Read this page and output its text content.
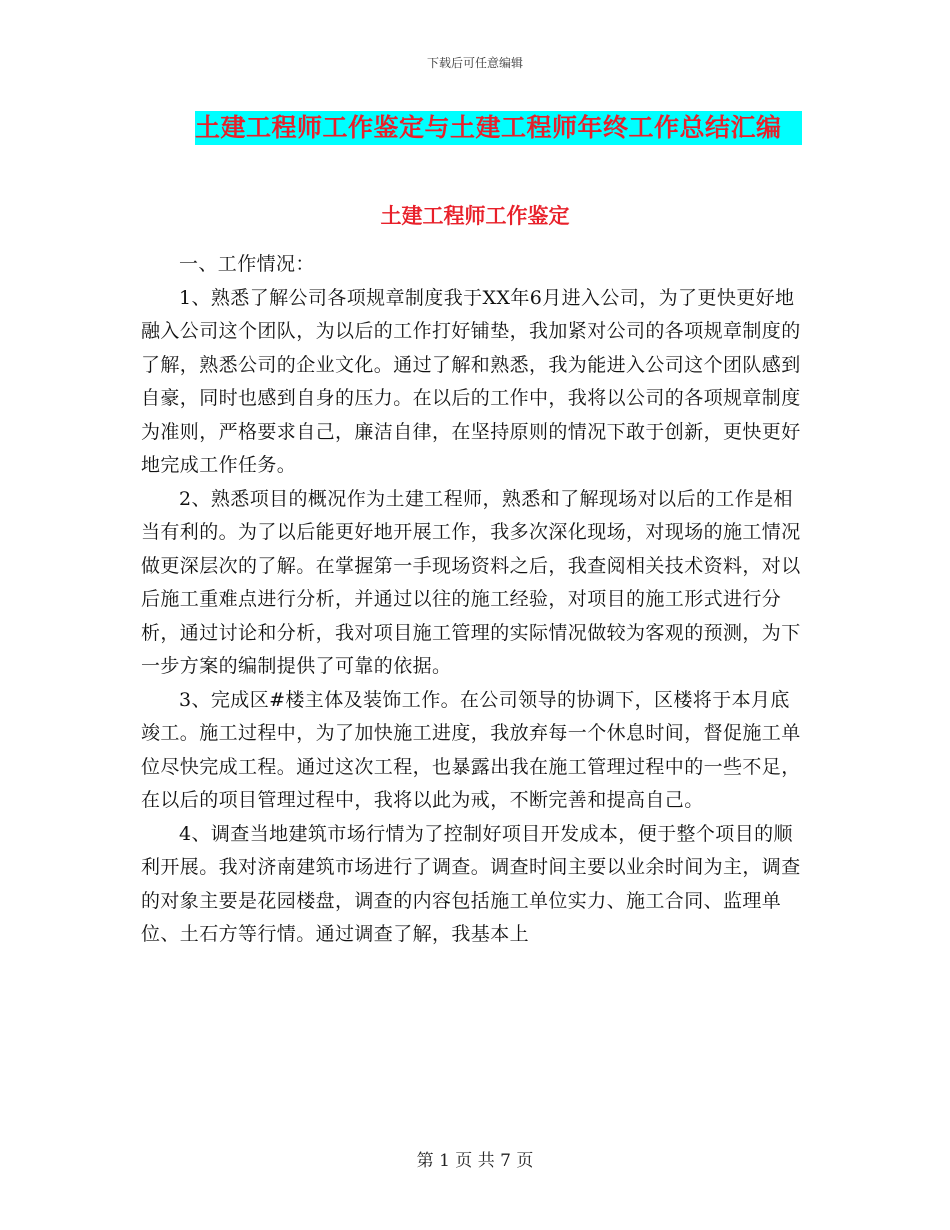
下载后可任意编辑
土建工程师工作鉴定与土建工程师年终工作总结汇编
土建工程师工作鉴定

一、工作情况：

1、熟悉了解公司各项规章制度我于XX年6月进入公司，为了更快更好地融入公司这个团队，为以后的工作打好铺垫，我加紧对公司的各项规章制度的了解，熟悉公司的企业文化。通过了解和熟悉，我为能进入公司这个团队感到自豪，同时也感到自身的压力。在以后的工作中，我将以公司的各项规章制度为准则，严格要求自己，廉洁自律，在坚持原则的情况下敢于创新，更快更好地完成工作任务。

2、熟悉项目的概况作为土建工程师，熟悉和了解现场对以后的工作是相当有利的。为了以后能更好地开展工作，我多次深化现场，对现场的施工情况做更深层次的了解。在掌握第一手现场资料之后，我查阅相关技术资料，对以后施工重难点进行分析，并通过以往的施工经验，对项目的施工形式进行分析，通过讨论和分析，我对项目施工管理的实际情况做较为客观的预测，为下一步方案的编制提供了可靠的依据。

3、完成区#楼主体及装饰工作。在公司领导的协调下，区楼将于本月底竣工。施工过程中，为了加快施工进度，我放弃每一个休息时间，督促施工单位尽快完成工程。通过这次工程，也暴露出我在施工管理过程中的一些不足，在以后的项目管理过程中，我将以此为戒，不断完善和提高自己。

4、调查当地建筑市场行情为了控制好项目开发成本，便于整个项目的顺利开展。我对济南建筑市场进行了调查。调查时间主要以业余时间为主，调查的对象主要是花园楼盘，调查的内容包括施工单位实力、施工合同、监理单位、土石方等行情。通过调查了解，我基本上

第 1 页 共 7 页
